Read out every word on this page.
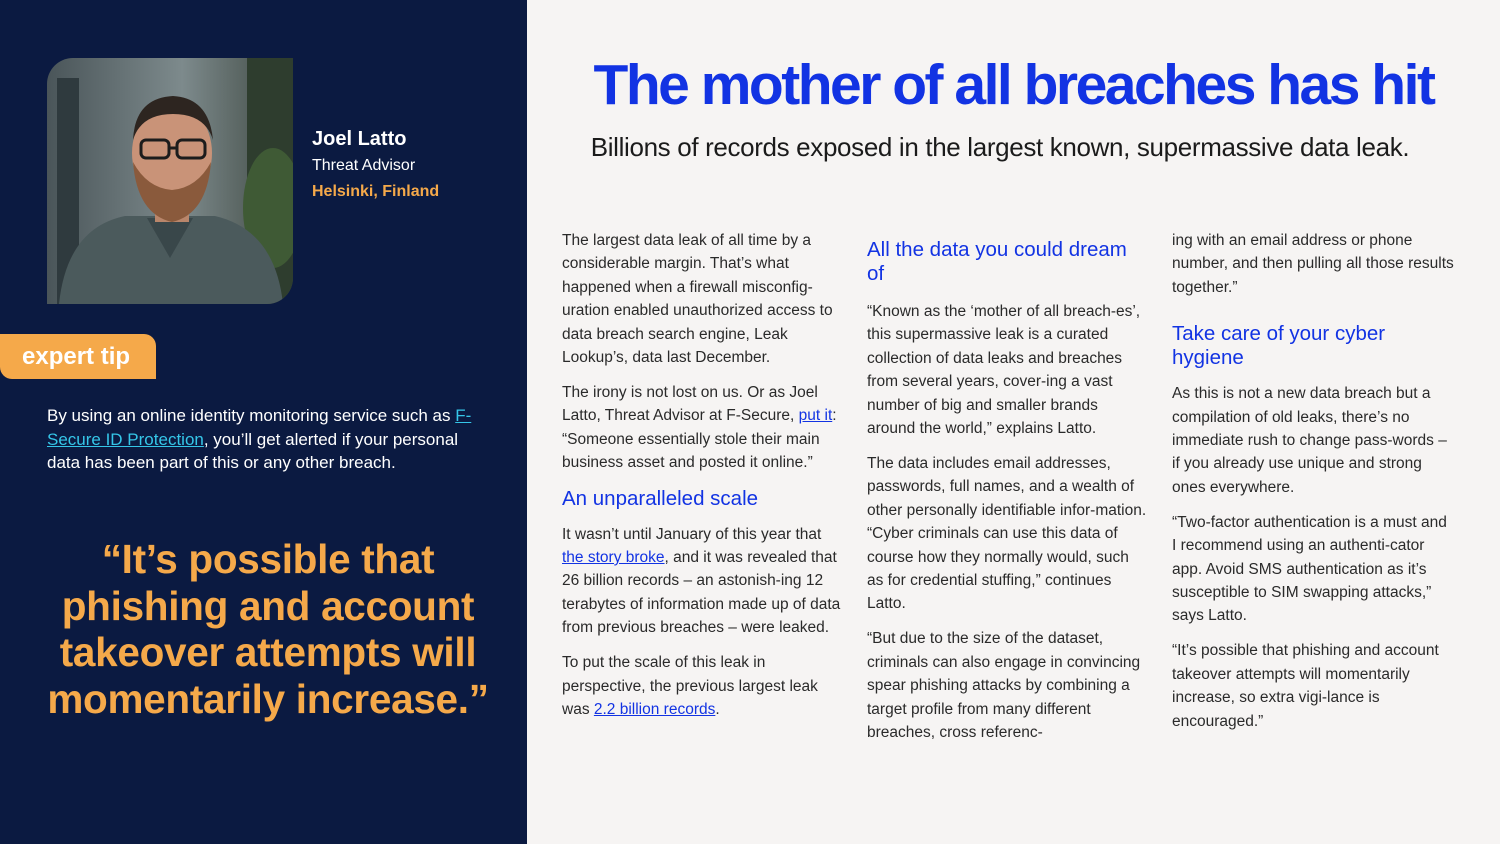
Joel Latto
Threat Advisor
Helsinki, Finland
expert tip
By using an online identity monitoring service such as F-Secure ID Protection, you’ll get alerted if your personal data has been part of this or any other breach.
“It’s possible that phishing and account takeover attempts will momentarily increase.”
The mother of all breaches has hit
Billions of records exposed in the largest known, supermassive data leak.

The largest data leak of all time by a considerable margin. That’s what happened when a firewall misconfig-uration enabled unauthorized access to data breach search engine, Leak Lookup’s, data last December.

The irony is not lost on us. Or as Joel Latto, Threat Advisor at F-Secure, put it: “Someone essentially stole their main business asset and posted it online.”

An unparalleled scale

It wasn’t until January of this year that the story broke, and it was revealed that 26 billion records – an astonish-ing 12 terabytes of information made up of data from previous breaches – were leaked.

To put the scale of this leak in perspective, the previous largest leak was 2.2 billion records.

All the data you could dream of

“Known as the ‘mother of all breach-es’, this supermassive leak is a curated collection of data leaks and breaches from several years, cover-ing a vast number of big and smaller brands around the world,” explains Latto.

The data includes email addresses, passwords, full names, and a wealth of other personally identifiable infor-mation. “Cyber criminals can use this data of course how they normally would, such as for credential stuffing,” continues Latto.

“But due to the size of the dataset, criminals can also engage in convincing spear phishing attacks by combining a target profile from many different breaches, cross referenc-

ing with an email address or phone number, and then pulling all those results together.”

Take care of your cyber hygiene

As this is not a new data breach but a compilation of old leaks, there’s no immediate rush to change pass-words – if you already use unique and strong ones everywhere.

“Two-factor authentication is a must and I recommend using an authenti-cator app. Avoid SMS authentication as it’s susceptible to SIM swapping attacks,” says Latto.

“It’s possible that phishing and account takeover attempts will momentarily increase, so extra vigi-lance is encouraged.”
